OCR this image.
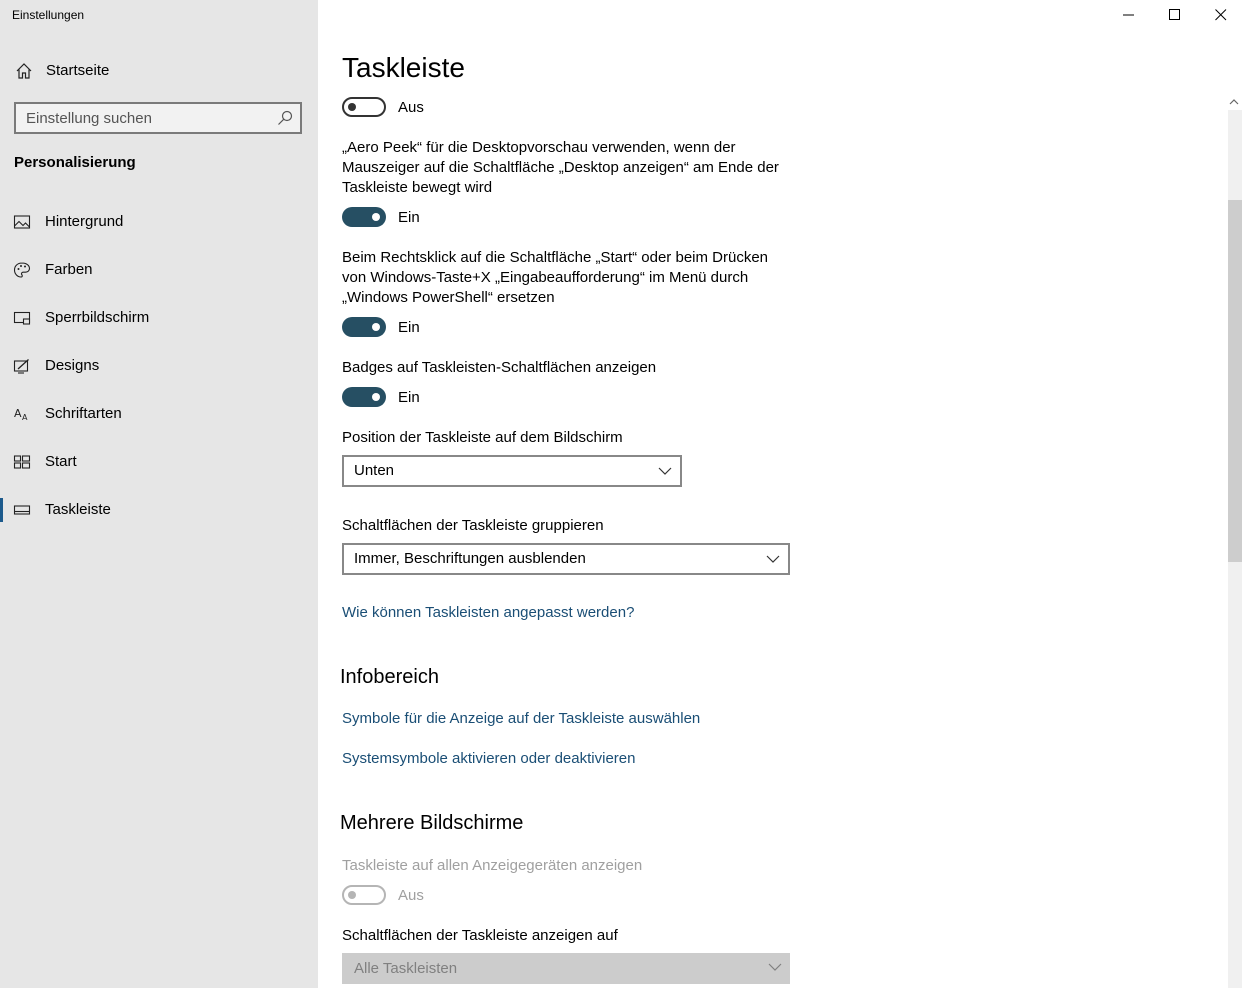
Einstellungen
Startseite
Einstellung suchen
Personalisierung
Hintergrund
Farben
Sperrbildschirm
Designs
A A Schriftarten
Start
Taskleiste
Taskleiste
Aus
„Aero Peek“ für die Desktopvorschau verwenden, wenn der Mauszeiger auf die Schaltfläche „Desktop anzeigen“ am Ende der Taskleiste bewegt wird
Ein
Beim Rechtsklick auf die Schaltfläche „Start“ oder beim Drücken von Windows-Taste+X „Eingabeaufforderung“ im Menü durch „Windows PowerShell“ ersetzen
Ein
Badges auf Taskleisten-Schaltflächen anzeigen
Ein
Position der Taskleiste auf dem Bildschirm
Unten
Schaltflächen der Taskleiste gruppieren
Immer, Beschriftungen ausblenden
Wie können Taskleisten angepasst werden?
Infobereich
Symbole für die Anzeige auf der Taskleiste auswählen
Systemsymbole aktivieren oder deaktivieren
Mehrere Bildschirme
Taskleiste auf allen Anzeigegeräten anzeigen
Aus
Schaltflächen der Taskleiste anzeigen auf
Alle Taskleisten
